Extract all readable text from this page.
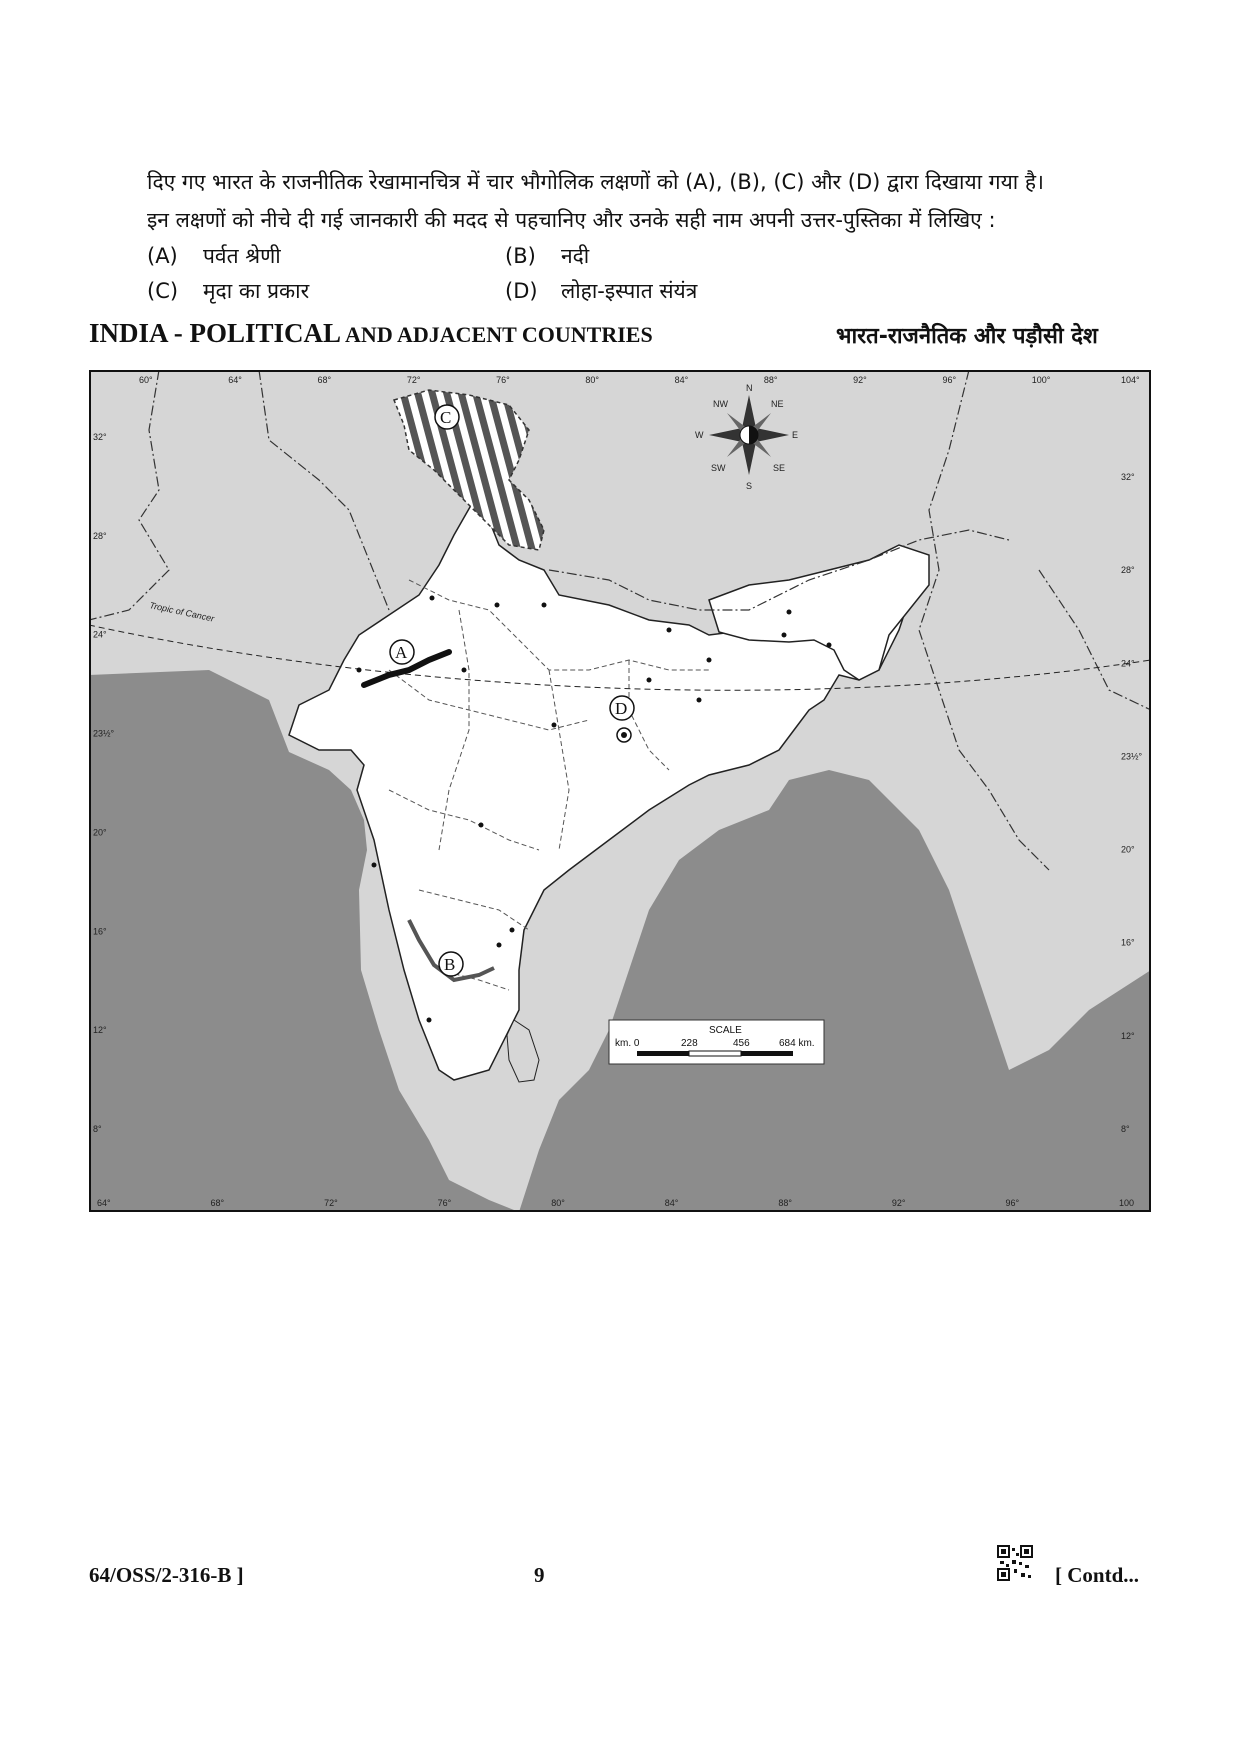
दिए गए भारत के राजनीतिक रेखामानचित्र में चार भौगोलिक लक्षणों को (A), (B), (C) और (D) द्वारा दिखाया गया है।
इन लक्षणों को नीचे दी गई जानकारी की मदद से पहचानिए और उनके सही नाम अपनी उत्तर-पुस्तिका में लिखिए :
(A) पर्वत श्रेणी	(B) नदी
(C) मृदा का प्रकार	(D) लोहा-इस्पात संयंत्र
INDIA - POLITICAL AND ADJACENT COUNTRIES	भारत-राजनैतिक और पड़ौसी देश
Tropic of Cancer
N
S
E
W
NE
NW
SE
SW
SCALE
km. 0	228	456	684 km.
A
B
C
D
60°	64°	68°	72°	76°	80°	84°	88°	92°	96°	100°	104°
64°	68°	72°	76°	80°	84°	88°	92°	96°	100
32°
28°
24°
23½°
20°
16°
12°
8°
32°
28°
24°
23½°
20°
16°
12°
8°
64/OSS/2-316-B ]	9	[ Contd...
